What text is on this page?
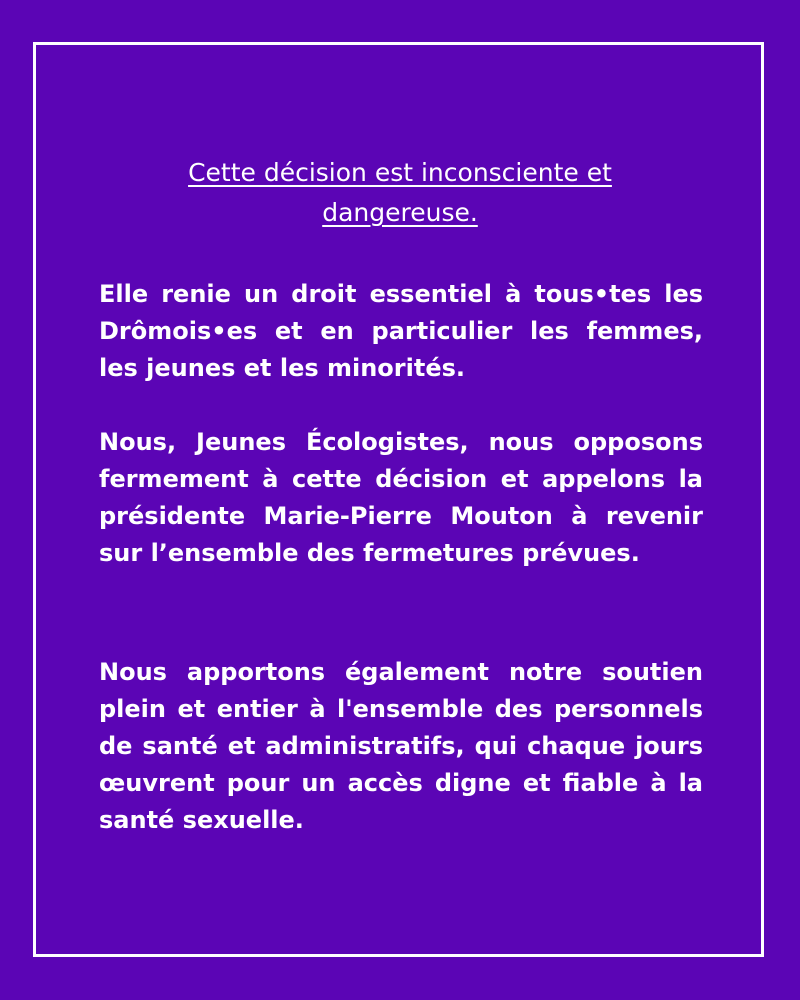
Cette décision est inconsciente et dangereuse.

Elle renie un droit essentiel à tous•tes les Drômois•es et en particulier les femmes, les jeunes et les minorités.

Nous, Jeunes Écologistes, nous opposons fermement à cette décision et appelons la présidente Marie-Pierre Mouton à revenir sur l’ensemble des fermetures prévues.

Nous apportons également notre soutien plein et entier à l'ensemble des personnels de santé et administratifs, qui chaque jours œuvrent pour un accès digne et fiable à la santé sexuelle.
